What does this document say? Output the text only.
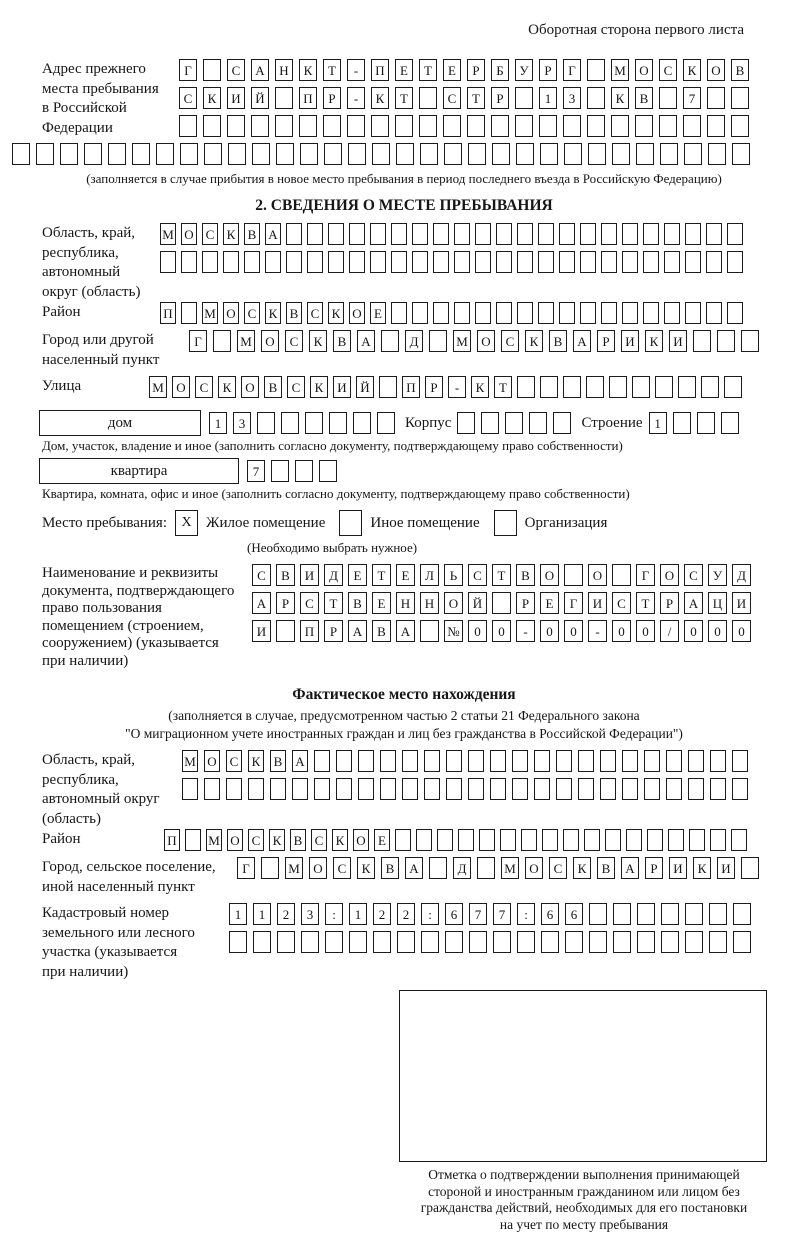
Оборотная сторона первого листа
Адрес прежнего
места пребывания
в Российской
Федерации
Г	С	А	Н	К	Т	-	П	Е	Т	Е	Р	Б	У	Р	Г	М	О	С	К	О	В
С	К	И	Й	П	Р	-	К	Т	С	Т	Р	1	3	К	В	7
(заполняется в случае прибытия в новое место пребывания в период последнего въезда в Российскую Федерацию)
2. СВЕДЕНИЯ О МЕСТЕ ПРЕБЫВАНИЯ
Область, край,
республика,
автономный
округ (область)
М О С К В А
Район	П М О С К В С К О Е
Город или другой
населенный пункт
Г	М	О	С	К	В	А	Д	М	О	С	К	В	А	Р	И	К	И
Улица	М О	С	К	О	В	С	К	И	Й	П	Р	-	К	Т
дом	1	3	Корпус	Строение 1
Дом, участок, владение и иное (заполнить согласно документу, подтверждающему право собственности)
квартира	7
Квартира, комната, офис и иное (заполнить согласно документу, подтверждающему право собственности)
Место пребывания:	X Жилое помещение	Иное помещение	Организация
(Необходимо выбрать нужное)
Наименование и реквизиты
документа, подтверждающего
право пользования
помещением (строением,
сооружением) (указывается
при наличии)
С	В	И	Д	Е	Т	Е	Л	Ь	С	Т	В	О	О	Г	О	С	У	Д
А	Р	С	Т	В	Е	Н	Н	О	Й	Р	Е	Г	И	С	Т	Р	А	Ц	И
И	П	Р	А	В	А	№	0	0	-	0	0	-	0	0	/	0	0	0
Фактическое место нахождения
(заполняется в случае, предусмотренном частью 2 статьи 21 Федерального закона
"О миграционном учете иностранных граждан и лиц без гражданства в Российской Федерации")
Область, край,
республика,
автономный округ
(область)
М О С К В А
Район	П М О С К В С К О Е
Город, сельское поселение,
иной населенный пункт
Г	М	О	С	К	В	А	Д	М	О	С	К	В	А	Р	И	К	И
Кадастровый номер
земельного или лесного
участка (указывается
при наличии)
1	1	2	3	:	1	2	2	:	6	7	7	:	6	6
Отметка о подтверждении выполнения принимающей
стороной и иностранным гражданином или лицом без
гражданства действий, необходимых для его постановки
на учет по месту пребывания
